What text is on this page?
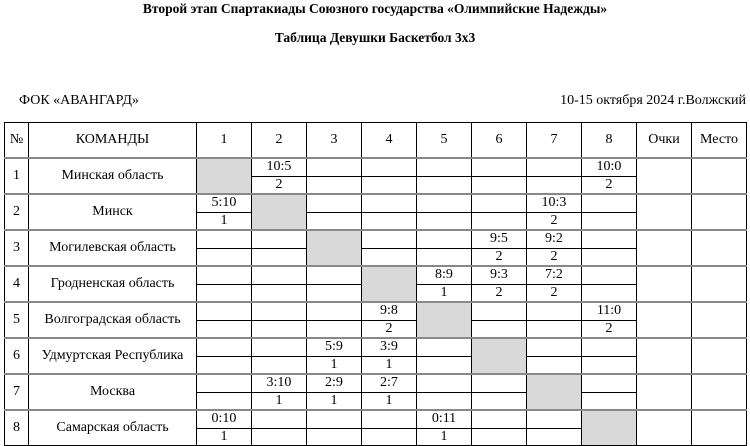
Второй этап Спартакиады Союзного государства «Олимпийские Надежды»
Таблица Девушки Баскетбол 3х3
ФОК «АВАНГАРД»	10-15 октября 2024 г.Волжский
№	КОМАНДЫ	1	2	3	4	5	6	7	8	Очки	Место
1	Минская область		10:5						10:0		
			2						2		
2	Минск	5:10						10:3			
		1						2			
3	Могилевская область						9:5	9:2			
							2	2			
4	Гродненская область					8:9	9:3	7:2			
						1	2	2			
5	Волгоградская область				9:8				11:0		
					2				2		
6	Удмуртская Республика			5:9	3:9						
				1	1						
7	Москва		3:10	2:9	2:7						
			1	1	1						
8	Самарская область	0:10				0:11					
		1				1					
